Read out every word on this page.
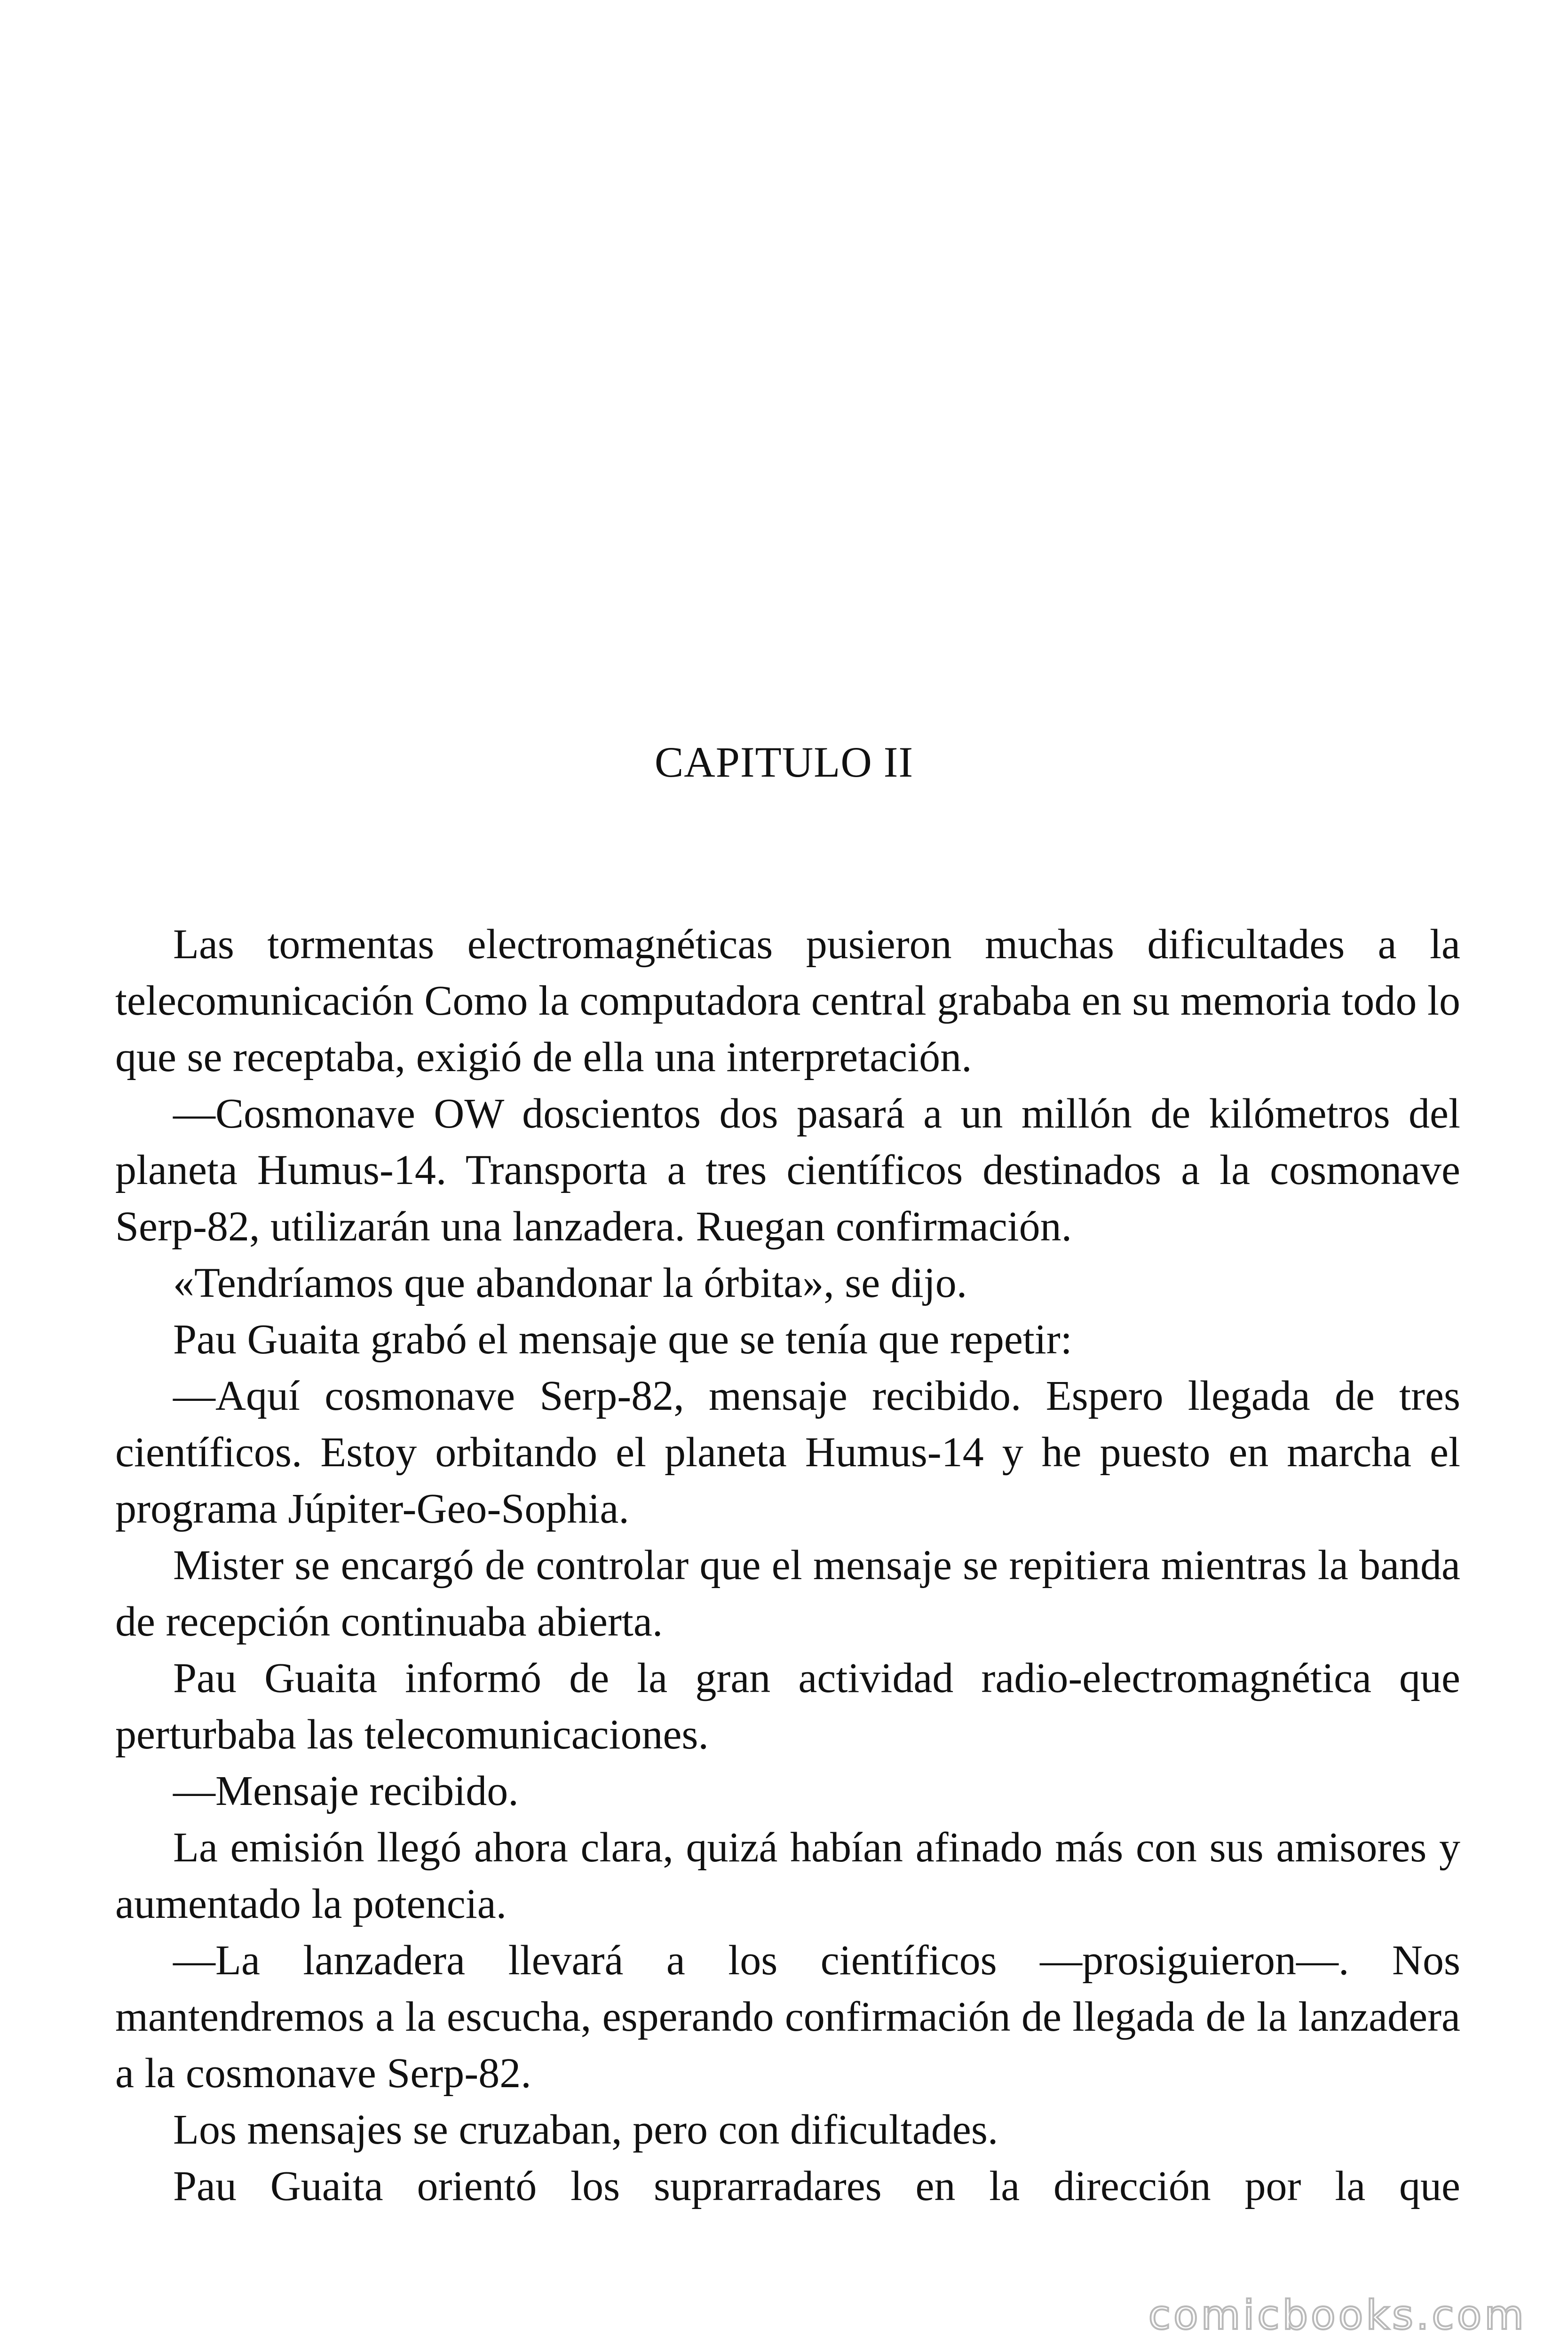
CAPITULO II

Las tormentas electromagnéticas pusieron muchas dificultades a la telecomunicación Como la computadora central grababa en su memoria todo lo que se receptaba, exigió de ella una interpretación.

—Cosmonave OW doscientos dos pasará a un millón de kilómetros del planeta Humus-14. Transporta a tres científicos destinados a la cosmonave Serp-82, utilizarán una lanzadera. Ruegan confirmación.

«Tendríamos que abandonar la órbita», se dijo.

Pau Guaita grabó el mensaje que se tenía que repetir:

—Aquí cosmonave Serp-82, mensaje recibido. Espero llegada de tres científicos. Estoy orbitando el planeta Humus-14 y he puesto en marcha el programa Júpiter-Geo-Sophia.

Mister se encargó de controlar que el mensaje se repitiera mientras la banda de recepción continuaba abierta.

Pau Guaita informó de la gran actividad radio-electromagnética que perturbaba las telecomunicaciones.

—Mensaje recibido.

La emisión llegó ahora clara, quizá habían afinado más con sus amisores y aumentado la potencia.

—La lanzadera llevará a los científicos —prosiguieron—. Nos mantendremos a la escucha, esperando confirmación de llegada de la lanzadera a la cosmonave Serp-82.

Los mensajes se cruzaban, pero con dificultades.

Pau Guaita orientó los suprarradares en la dirección por la que

comicbooks.com
